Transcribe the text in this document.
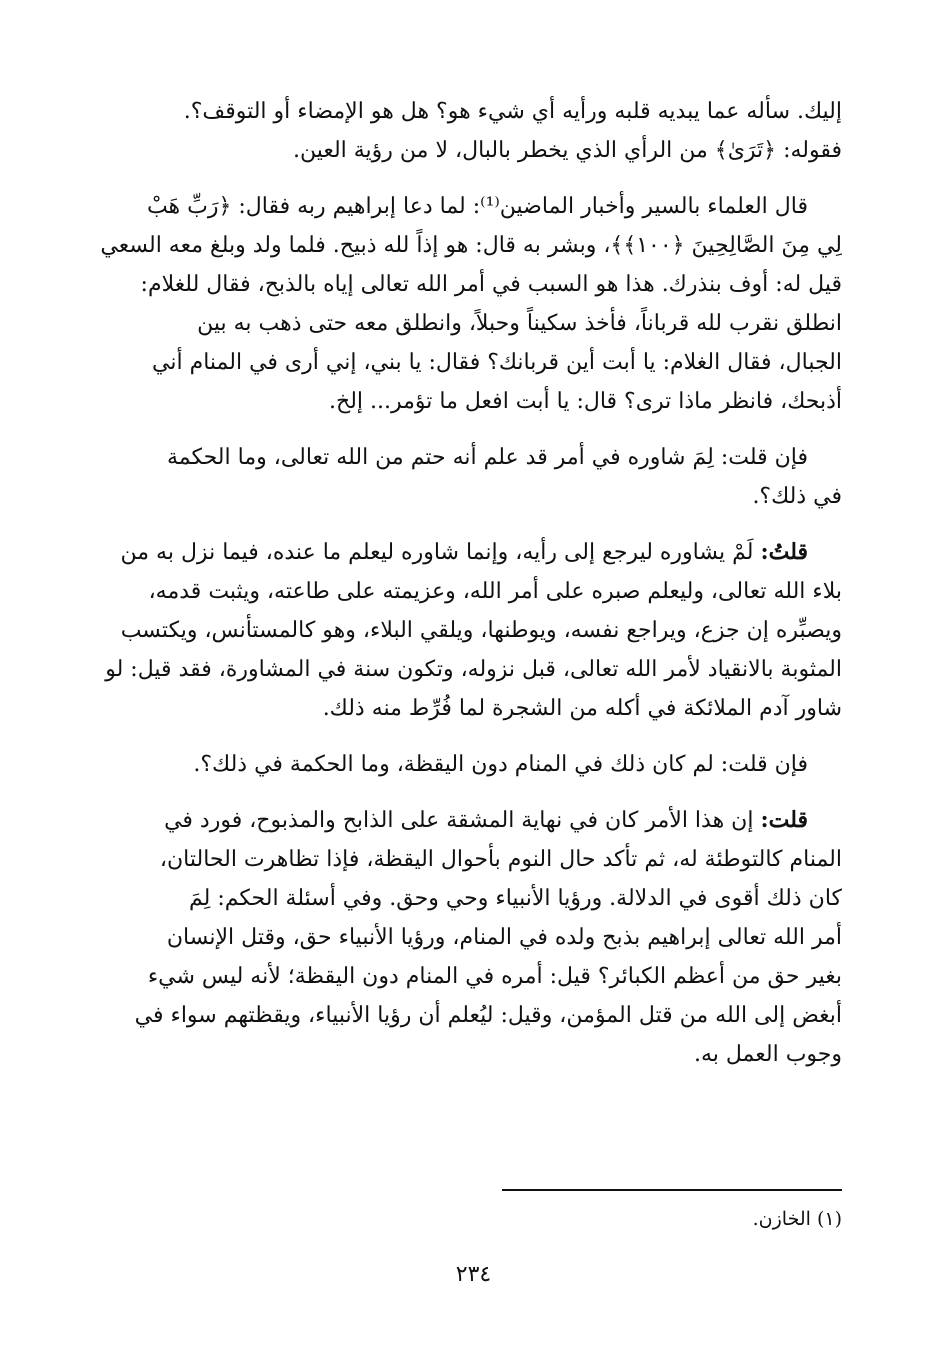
إليك. سأله عما يبديه قلبه ورأيه أي شيء هو؟ هل هو الإمضاء أو التوقف؟.
فقوله: ﴿تَرَىٰ﴾ من الرأي الذي يخطر بالبال، لا من رؤية العين.
قال العلماء بالسير وأخبار الماضين⁽¹⁾: لما دعا إبراهيم ربه فقال: ﴿رَبِّ هَبْ
لِي مِنَ الصَّالِحِينَ ﴿١٠٠﴾﴾، وبشر به قال: هو إذاً لله ذبيح. فلما ولد وبلغ معه السعي
قيل له: أوف بنذرك. هذا هو السبب في أمر الله تعالى إياه بالذبح، فقال للغلام:
انطلق نقرب لله قرباناً، فأخذ سكيناً وحبلاً، وانطلق معه حتى ذهب به بين
الجبال، فقال الغلام: يا أبت أين قربانك؟ فقال: يا بني، إني أرى في المنام أني
أذبحك، فانظر ماذا ترى؟ قال: يا أبت افعل ما تؤمر... إلخ.
فإن قلت: لِمَ شاوره في أمر قد علم أنه حتم من الله تعالى، وما الحكمة
في ذلك؟.
قلتُ: لَمْ يشاوره ليرجع إلى رأيه، وإنما شاوره ليعلم ما عنده، فيما نزل به من
بلاء الله تعالى، وليعلم صبره على أمر الله، وعزيمته على طاعته، ويثبت قدمه،
ويصبِّره إن جزع، ويراجع نفسه، ويوطنها، ويلقي البلاء، وهو كالمستأنس، ويكتسب
المثوبة بالانقياد لأمر الله تعالى، قبل نزوله، وتكون سنة في المشاورة، فقد قيل: لو
شاور آدم الملائكة في أكله من الشجرة لما فُرِّط منه ذلك.
فإن قلت: لم كان ذلك في المنام دون اليقظة، وما الحكمة في ذلك؟.
قلت: إن هذا الأمر كان في نهاية المشقة على الذابح والمذبوح، فورد في
المنام كالتوطئة له، ثم تأكد حال النوم بأحوال اليقظة، فإذا تظاهرت الحالتان،
كان ذلك أقوى في الدلالة. ورؤيا الأنبياء وحي وحق. وفي أسئلة الحكم: لِمَ
أمر الله تعالى إبراهيم بذبح ولده في المنام، ورؤيا الأنبياء حق، وقتل الإنسان
بغير حق من أعظم الكبائر؟ قيل: أمره في المنام دون اليقظة؛ لأنه ليس شيء
أبغض إلى الله من قتل المؤمن، وقيل: ليُعلم أن رؤيا الأنبياء، ويقظتهم سواء في
وجوب العمل به.
(١) الخازن.
٢٣٤
